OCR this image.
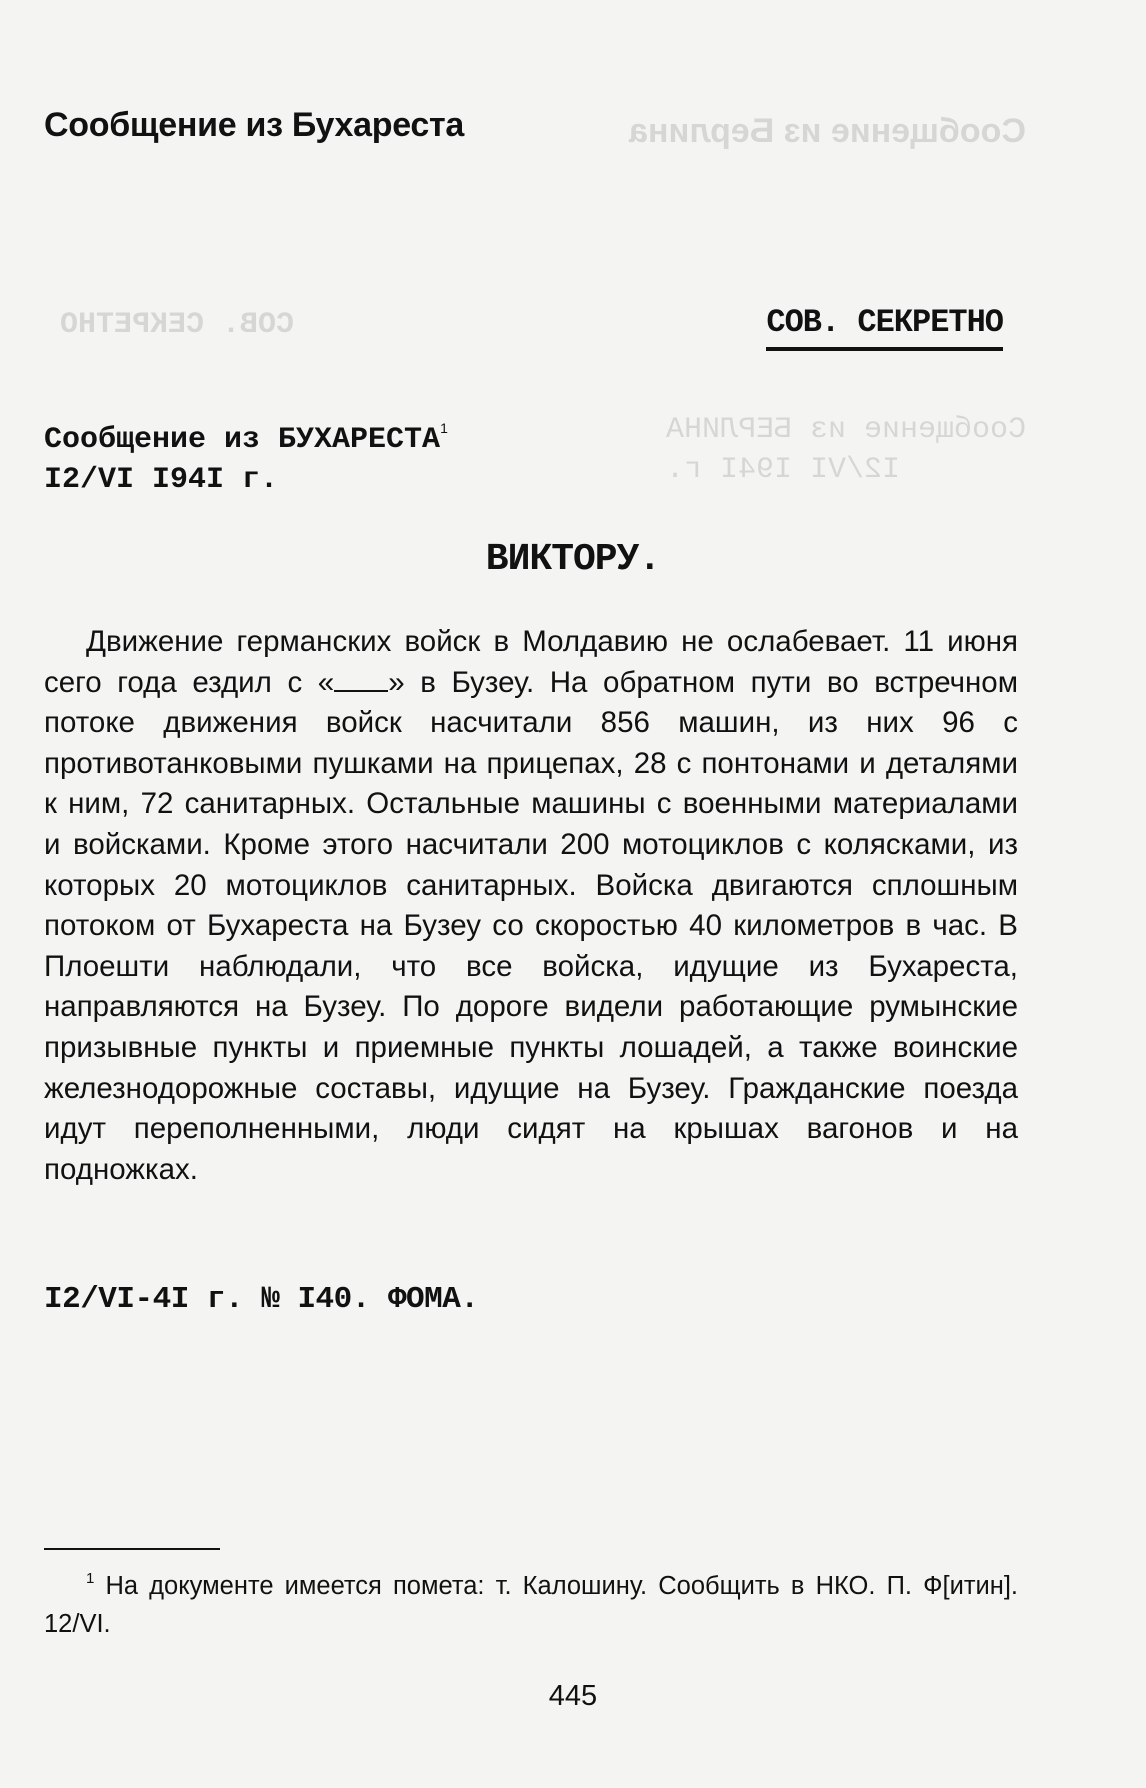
Сообщение из Берлина
СОВ. СЕКРЕТНО
Сообщение из БЕРЛИНА
I2/VI I94I г.
Сообщение из Бухареста
СОВ. СЕКРЕТНО
Сообщение из БУХАРЕСТА$^1$
I2/VI I94I г.
ВИКТОРУ.
Движение германских войск в Молдавию не ослабевает. 11 июня сего года ездил с « » в Бузеу. На обратном пути во встречном потоке движения войск насчитали 856 машин, из них 96 с противотанковыми пушками на прицепах, 28 с понтонами и деталями к ним, 72 санитарных. Остальные машины с военными материалами и войсками. Кроме этого насчитали 200 мотоциклов с колясками, из которых 20 мотоциклов санитарных. Войска двигаются сплошным потоком от Бухареста на Бузеу со скоростью 40 километров в час. В Плоешти наблюдали, что все войска, идущие из Бухареста, направляются на Бузеу. По дороге видели работающие румынские призывные пункты и приемные пункты лошадей, а также воинские железнодорожные составы, идущие на Бузеу. Гражданские поезда идут переполненными, люди сидят на крышах вагонов и на подножках.
I2/VI-4I г. № I40. ФОМА.
$^1$ На документе имеется помета: т. Калошину. Сообщить в НКО. П. Ф[итин]. 12/VI.
445
